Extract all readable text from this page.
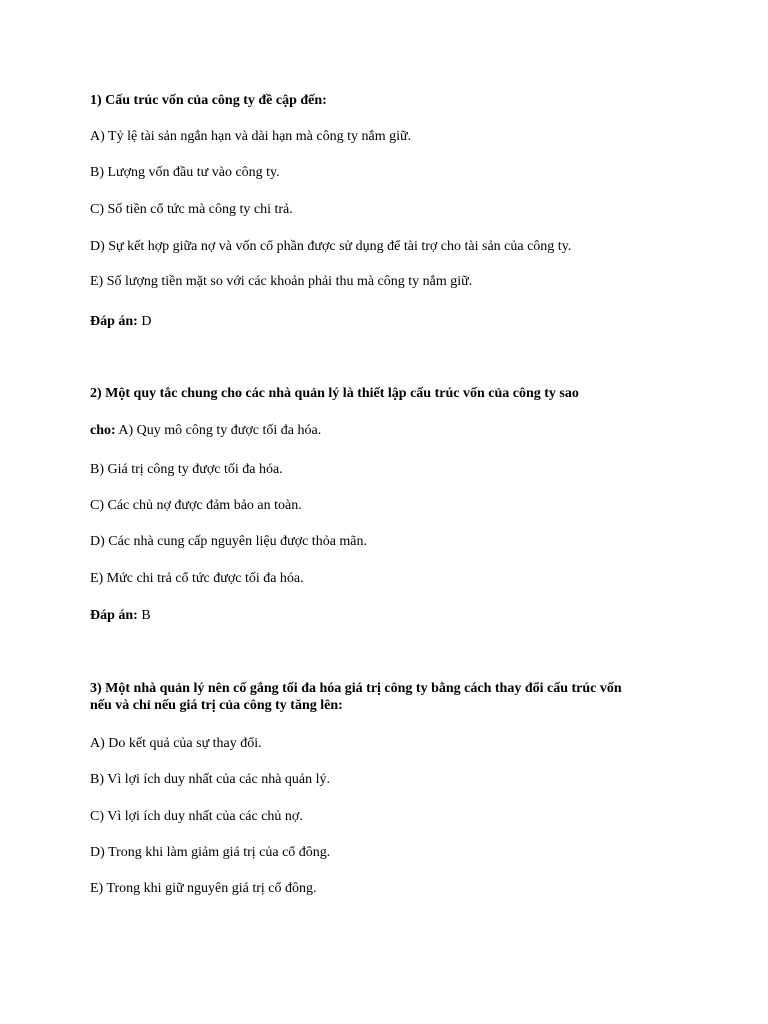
1) Cấu trúc vốn của công ty đề cập đến:
A) Tỷ lệ tài sản ngắn hạn và dài hạn mà công ty nắm giữ.
B) Lượng vốn đầu tư vào công ty.
C) Số tiền cổ tức mà công ty chi trả.
D) Sự kết hợp giữa nợ và vốn cổ phần được sử dụng để tài trợ cho tài sản của công ty.
E) Số lượng tiền mặt so với các khoản phải thu mà công ty nắm giữ.
Đáp án: D
2) Một quy tắc chung cho các nhà quản lý là thiết lập cấu trúc vốn của công ty sao
cho: A) Quy mô công ty được tối đa hóa.
B) Giá trị công ty được tối đa hóa.
C) Các chủ nợ được đảm bảo an toàn.
D) Các nhà cung cấp nguyên liệu được thỏa mãn.
E) Mức chi trả cổ tức được tối đa hóa.
Đáp án: B
3) Một nhà quản lý nên cố gắng tối đa hóa giá trị công ty bằng cách thay đổi cấu trúc vốn
nếu và chỉ nếu giá trị của công ty tăng lên:
A) Do kết quả của sự thay đổi.
B) Vì lợi ích duy nhất của các nhà quản lý.
C) Vì lợi ích duy nhất của các chủ nợ.
D) Trong khi làm giảm giá trị của cổ đông.
E) Trong khi giữ nguyên giá trị cổ đông.
